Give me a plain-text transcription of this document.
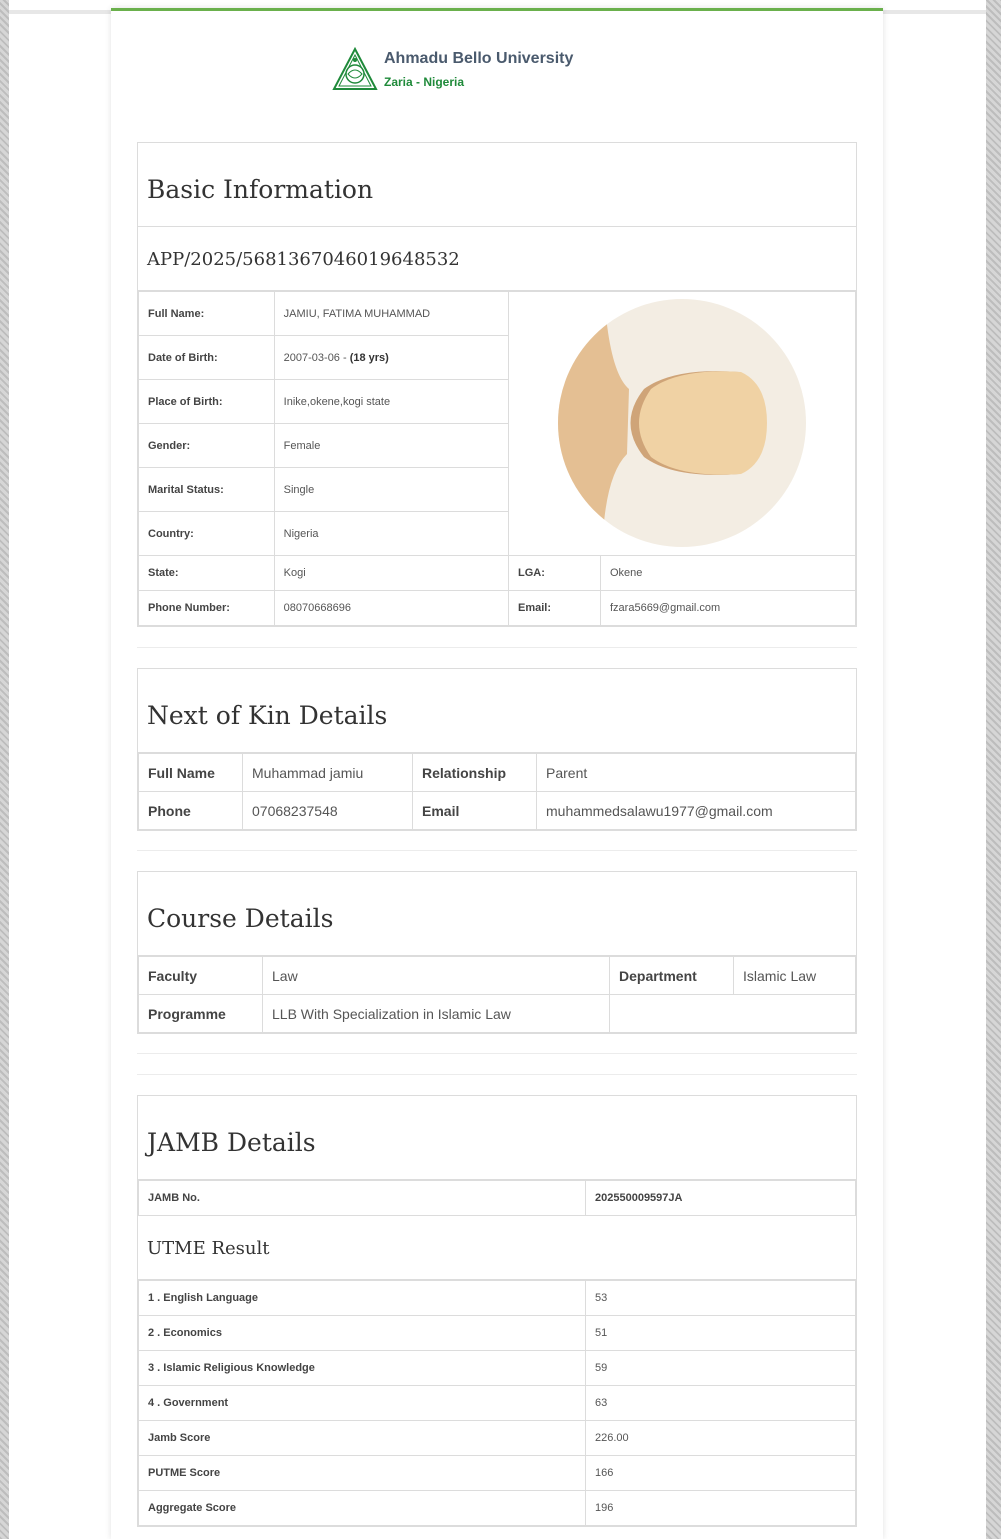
Ahmadu Bello University
Zaria - Nigeria
Basic Information
APP/2025/5681367046019648532
Full Name:	JAMIU, FATIMA MUHAMMAD	

Date of Birth:	2007-03-06 - (18 yrs)		
Place of Birth:	Inike,okene,kogi state		
Gender:	Female		
Marital Status:	Single		
Country:	Nigeria		
State:	Kogi	LGA:	Okene
Phone Number:	08070668696	Email:	fzara5669@gmail.com
Next of Kin Details
Full Name	Muhammad jamiu	Relationship	Parent
Phone	07068237548	Email	muhammedsalawu1977@gmail.com
Course Details
Faculty	Law	Department	Islamic Law
Programme	LLB With Specialization in Islamic Law		
JAMB Details
JAMB No.	202550009597JA
UTME Result
1 . English Language	53
2 . Economics	51
3 . Islamic Religious Knowledge	59
4 . Government	63
Jamb Score	226.00
PUTME Score	166
Aggregate Score	196
